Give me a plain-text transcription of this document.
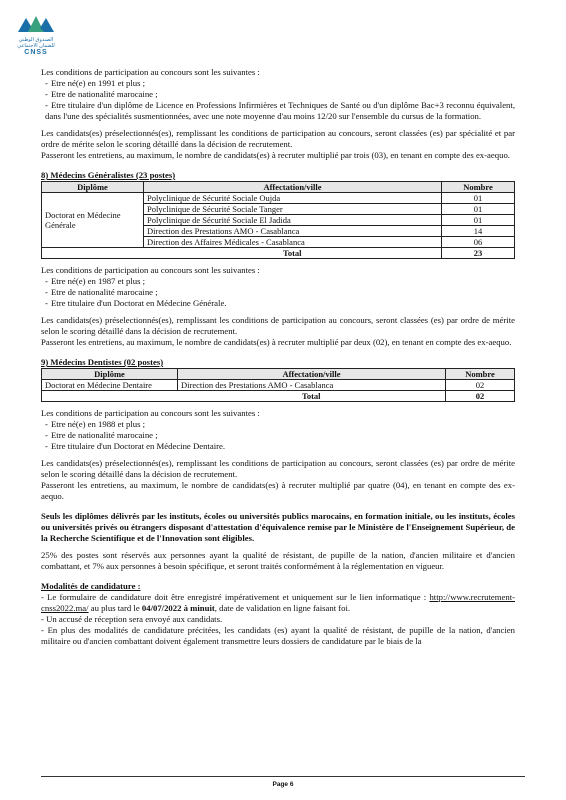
الصندوق الوطني للضمان الاجتماعي
CNSS

Les conditions de participation au concours sont les suivantes :

- Etre né(e) en 1991 et plus ;

- Etre de nationalité marocaine ;

- Etre titulaire d'un diplôme de Licence en Professions Infirmières et Techniques de Santé ou d'un diplôme Bac+3 reconnu équivalent, dans l'une des spécialités susmentionnées, avec une note moyenne d'au moins 12/20 sur l'ensemble du cursus de la formation.

Les candidats(es) préselectionnés(es), remplissant les conditions de participation au concours, seront classées (es) par spécialité et par ordre de mérite selon le scoring détaillé dans la décision de recrutement.

Passeront les entretiens, au maximum, le nombre de candidats(es) à recruter multiplié par trois (03), en tenant en compte des ex-aequo.

8) Médecins Généralistes (23 postes)
Diplôme	Affectation/ville	Nombre
Doctorat en Médecine Générale	Polyclinique de Sécurité Sociale Oujda	01
	Polyclinique de Sécurité Sociale Tanger	01
	Polyclinique de Sécurité Sociale El Jadida	01
	Direction des Prestations AMO - Casablanca	14
	Direction des Affaires Médicales - Casablanca	06
	Total	23

Les conditions de participation au concours sont les suivantes :

- Etre né(e) en 1987 et plus ;

- Etre de nationalité marocaine ;

- Etre titulaire d'un Doctorat en Médecine Générale.

Les candidats(es) préselectionnés(es), remplissant les conditions de participation au concours, seront classées (es) par ordre de mérite selon le scoring détaillé dans la décision de recrutement.

Passeront les entretiens, au maximum, le nombre de candidats(es) à recruter multiplié par deux (02), en tenant en compte des ex-aequo.

9) Médecins Dentistes (02 postes)
Diplôme	Affectation/ville	Nombre
Doctorat en Médecine Dentaire	Direction des Prestations AMO - Casablanca	02
	Total	02

Les conditions de participation au concours sont les suivantes :

- Etre né(e) en 1988 et plus ;

- Etre de nationalité marocaine ;

- Etre titulaire d'un Doctorat en Médecine Dentaire.

Les candidats(es) préselectionnés(es), remplissant les conditions de participation au concours, seront classées (es) par ordre de mérite selon le scoring détaillé dans la décision de recrutement.

Passeront les entretiens, au maximum, le nombre de candidats(es) à recruter multiplié par quatre (04), en tenant en compte des ex-aequo.

Seuls les diplômes délivrés par les instituts, écoles ou universités publics marocains, en formation initiale, ou les instituts, écoles ou universités privés ou étrangers disposant d'attestation d'équivalence remise par le Ministère de l'Enseignement Supérieur, de la Recherche Scientifique et de l'Innovation sont éligibles.

25% des postes sont réservés aux personnes ayant la qualité de résistant, de pupille de la nation, d'ancien militaire et d'ancien combattant, et 7% aux personnes à besoin spécifique, et seront traités conformément à la réglementation en vigueur.

Modalités de candidature :

- Le formulaire de candidature doit être enregistré impérativement et uniquement sur le lien informatique : http://www.recrutement-cnss2022.ma/ au plus tard le 04/07/2022 à minuit, date de validation en ligne faisant foi.

- Un accusé de réception sera envoyé aux candidats.

- En plus des modalités de candidature précitées, les candidats (es) ayant la qualité de résistant, de pupille de la nation, d'ancien militaire ou d'ancien combattant doivent également transmettre leurs dossiers de candidature par le biais de la

Page 6
